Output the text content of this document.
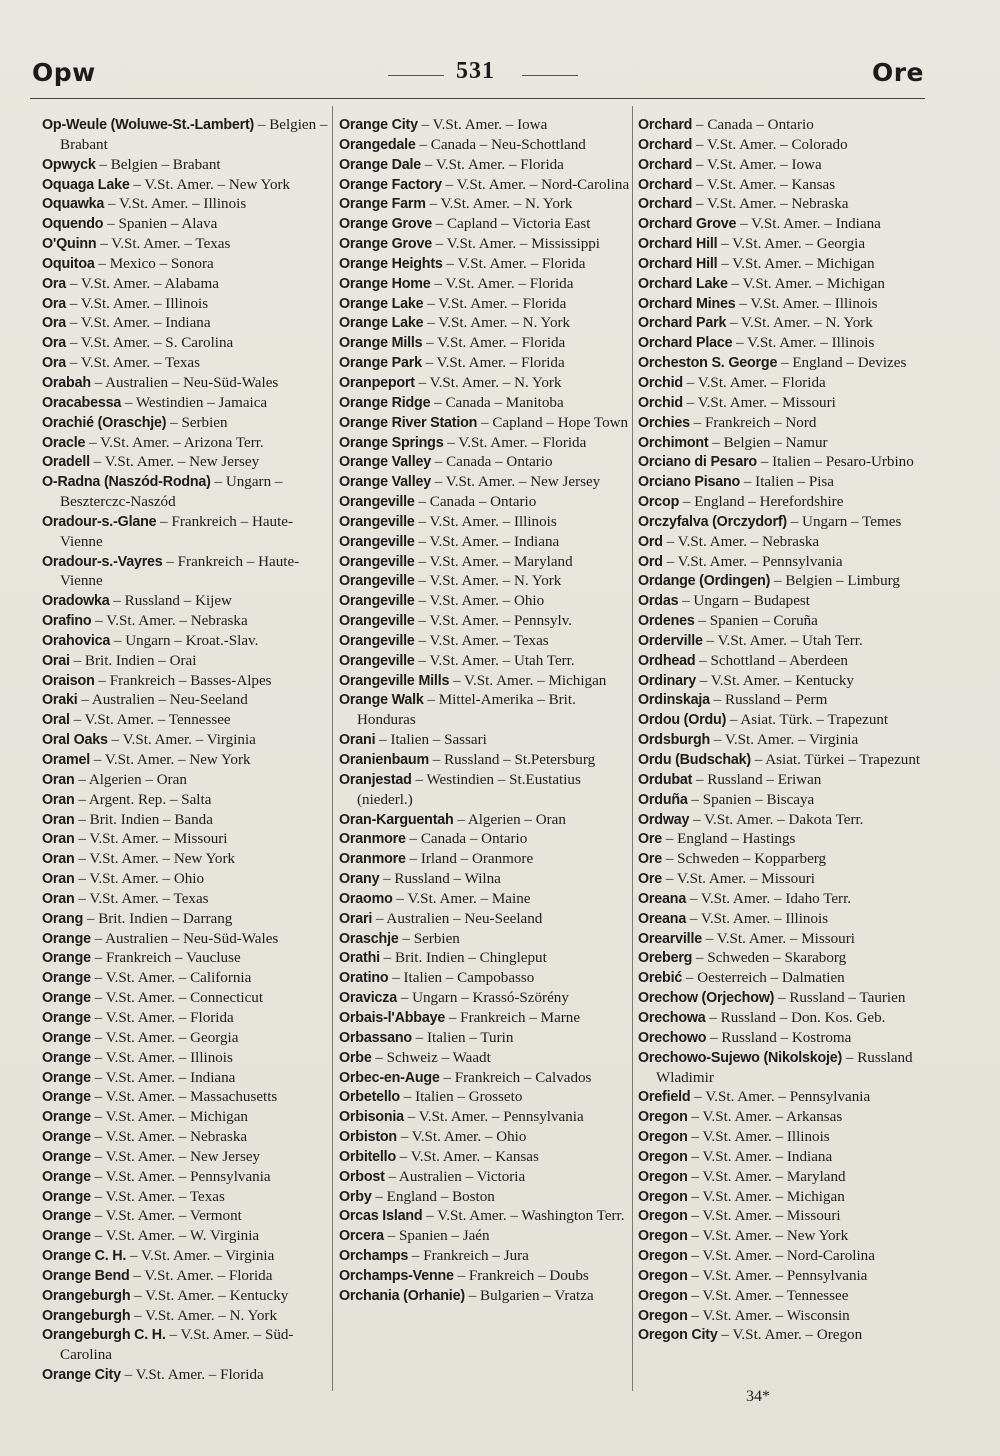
Opw	531	Ore
Op-Weule (Woluwe-St.-Lambert) – Belgien – Brabant
Opwyck – Belgien – Brabant
Oquaga Lake – V.St. Amer. – New York
Oquawka – V.St. Amer. – Illinois
Oquendo – Spanien – Alava
O'Quinn – V.St. Amer. – Texas
Oquitoa – Mexico – Sonora
Ora – V.St. Amer. – Alabama
Ora – V.St. Amer. – Illinois
Ora – V.St. Amer. – Indiana
Ora – V.St. Amer. – S. Carolina
Ora – V.St. Amer. – Texas
Orabah – Australien – Neu-Süd-Wales
Oracabessa – Westindien – Jamaica
Orachié (Oraschje) – Serbien
Oracle – V.St. Amer. – Arizona Terr.
Oradell – V.St. Amer. – New Jersey
O-Radna (Naszód-Rodna) – Ungarn – Beszterczc-Naszód
Oradour-s.-Glane – Frankreich – Haute-Vienne
Oradour-s.-Vayres – Frankreich – Haute-Vienne
Oradowka – Russland – Kijew
Orafino – V.St. Amer. – Nebraska
Orahovica – Ungarn – Kroat.-Slav.
Orai – Brit. Indien – Orai
Oraison – Frankreich – Basses-Alpes
Oraki – Australien – Neu-Seeland
Oral – V.St. Amer. – Tennessee
Oral Oaks – V.St. Amer. – Virginia
Oramel – V.St. Amer. – New York
Oran – Algerien – Oran
Oran – Argent. Rep. – Salta
Oran – Brit. Indien – Banda
Oran – V.St. Amer. – Missouri
Oran – V.St. Amer. – New York
Oran – V.St. Amer. – Ohio
Oran – V.St. Amer. – Texas
Orang – Brit. Indien – Darrang
Orange – Australien – Neu-Süd-Wales
Orange – Frankreich – Vaucluse
Orange – V.St. Amer. – California
Orange – V.St. Amer. – Connecticut
Orange – V.St. Amer. – Florida
Orange – V.St. Amer. – Georgia
Orange – V.St. Amer. – Illinois
Orange – V.St. Amer. – Indiana
Orange – V.St. Amer. – Massachusetts
Orange – V.St. Amer. – Michigan
Orange – V.St. Amer. – Nebraska
Orange – V.St. Amer. – New Jersey
Orange – V.St. Amer. – Pennsylvania
Orange – V.St. Amer. – Texas
Orange – V.St. Amer. – Vermont
Orange – V.St. Amer. – W. Virginia
Orange C. H. – V.St. Amer. – Virginia
Orange Bend – V.St. Amer. – Florida
Orangeburgh – V.St. Amer. – Kentucky
Orangeburgh – V.St. Amer. – N. York
Orangeburgh C. H. – V.St. Amer. – Süd-Carolina
Orange City – V.St. Amer. – Florida
Orange City – V.St. Amer. – Iowa
Orangedale – Canada – Neu-Schottland
Orange Dale – V.St. Amer. – Florida
Orange Factory – V.St. Amer. – Nord-Carolina
Orange Farm – V.St. Amer. – N. York
Orange Grove – Capland – Victoria East
Orange Grove – V.St. Amer. – Mississippi
Orange Heights – V.St. Amer. – Florida
Orange Home – V.St. Amer. – Florida
Orange Lake – V.St. Amer. – Florida
Orange Lake – V.St. Amer. – N. York
Orange Mills – V.St. Amer. – Florida
Orange Park – V.St. Amer. – Florida
Oranpeport – V.St. Amer. – N. York
Orange Ridge – Canada – Manitoba
Orange River Station – Capland – Hope Town
Orange Springs – V.St. Amer. – Florida
Orange Valley – Canada – Ontario
Orange Valley – V.St. Amer. – New Jersey
Orangeville – Canada – Ontario
Orangeville – V.St. Amer. – Illinois
Orangeville – V.St. Amer. – Indiana
Orangeville – V.St. Amer. – Maryland
Orangeville – V.St. Amer. – N. York
Orangeville – V.St. Amer. – Ohio
Orangeville – V.St. Amer. – Pennsylv.
Orangeville – V.St. Amer. – Texas
Orangeville – V.St. Amer. – Utah Terr.
Orangeville Mills – V.St. Amer. – Michigan
Orange Walk – Mittel-Amerika – Brit. Honduras
Orani – Italien – Sassari
Oranienbaum – Russland – St.Petersburg
Oranjestad – Westindien – St.Eustatius (niederl.)
Oran-Karguentah – Algerien – Oran
Oranmore – Canada – Ontario
Oranmore – Irland – Oranmore
Orany – Russland – Wilna
Oraomo – V.St. Amer. – Maine
Orari – Australien – Neu-Seeland
Oraschje – Serbien
Orathi – Brit. Indien – Chingleput
Oratino – Italien – Campobasso
Oravicza – Ungarn – Krassó-Szörény
Orbais-l'Abbaye – Frankreich – Marne
Orbassano – Italien – Turin
Orbe – Schweiz – Waadt
Orbec-en-Auge – Frankreich – Calvados
Orbetello – Italien – Grosseto
Orbisonia – V.St. Amer. – Pennsylvania
Orbiston – V.St. Amer. – Ohio
Orbitello – V.St. Amer. – Kansas
Orbost – Australien – Victoria
Orby – England – Boston
Orcas Island – V.St. Amer. – Washington Terr.
Orcera – Spanien – Jaén
Orchamps – Frankreich – Jura
Orchamps-Venne – Frankreich – Doubs
Orchania (Orhanie) – Bulgarien – Vratza
Orchard – Canada – Ontario
Orchard – V.St. Amer. – Colorado
Orchard – V.St. Amer. – Iowa
Orchard – V.St. Amer. – Kansas
Orchard – V.St. Amer. – Nebraska
Orchard Grove – V.St. Amer. – Indiana
Orchard Hill – V.St. Amer. – Georgia
Orchard Hill – V.St. Amer. – Michigan
Orchard Lake – V.St. Amer. – Michigan
Orchard Mines – V.St. Amer. – Illinois
Orchard Park – V.St. Amer. – N. York
Orchard Place – V.St. Amer. – Illinois
Orcheston S. George – England – Devizes
Orchid – V.St. Amer. – Florida
Orchid – V.St. Amer. – Missouri
Orchies – Frankreich – Nord
Orchimont – Belgien – Namur
Orciano di Pesaro – Italien – Pesaro-Urbino
Orciano Pisano – Italien – Pisa
Orcop – England – Herefordshire
Orczyfalva (Orczydorf) – Ungarn – Temes
Ord – V.St. Amer. – Nebraska
Ord – V.St. Amer. – Pennsylvania
Ordange (Ordingen) – Belgien – Limburg
Ordas – Ungarn – Budapest
Ordenes – Spanien – Coruña
Orderville – V.St. Amer. – Utah Terr.
Ordhead – Schottland – Aberdeen
Ordinary – V.St. Amer. – Kentucky
Ordinskaja – Russland – Perm
Ordou (Ordu) – Asiat. Türk. – Trapezunt
Ordsburgh – V.St. Amer. – Virginia
Ordu (Budschak) – Asiat. Türkei – Trapezunt
Ordubat – Russland – Eriwan
Orduña – Spanien – Biscaya
Ordway – V.St. Amer. – Dakota Terr.
Ore – England – Hastings
Ore – Schweden – Kopparberg
Ore – V.St. Amer. – Missouri
Oreana – V.St. Amer. – Idaho Terr.
Oreana – V.St. Amer. – Illinois
Orearville – V.St. Amer. – Missouri
Oreberg – Schweden – Skaraborg
Orebić – Oesterreich – Dalmatien
Orechow (Orjechow) – Russland – Taurien
Orechowa – Russland – Don. Kos. Geb.
Orechowo – Russland – Kostroma
Orechowo-Sujewo (Nikolskoje) – Russland Wladimir
Orefield – V.St. Amer. – Pennsylvania
Oregon – V.St. Amer. – Arkansas
Oregon – V.St. Amer. – Illinois
Oregon – V.St. Amer. – Indiana
Oregon – V.St. Amer. – Maryland
Oregon – V.St. Amer. – Michigan
Oregon – V.St. Amer. – Missouri
Oregon – V.St. Amer. – New York
Oregon – V.St. Amer. – Nord-Carolina
Oregon – V.St. Amer. – Pennsylvania
Oregon – V.St. Amer. – Tennessee
Oregon – V.St. Amer. – Wisconsin
Oregon City – V.St. Amer. – Oregon
34*
